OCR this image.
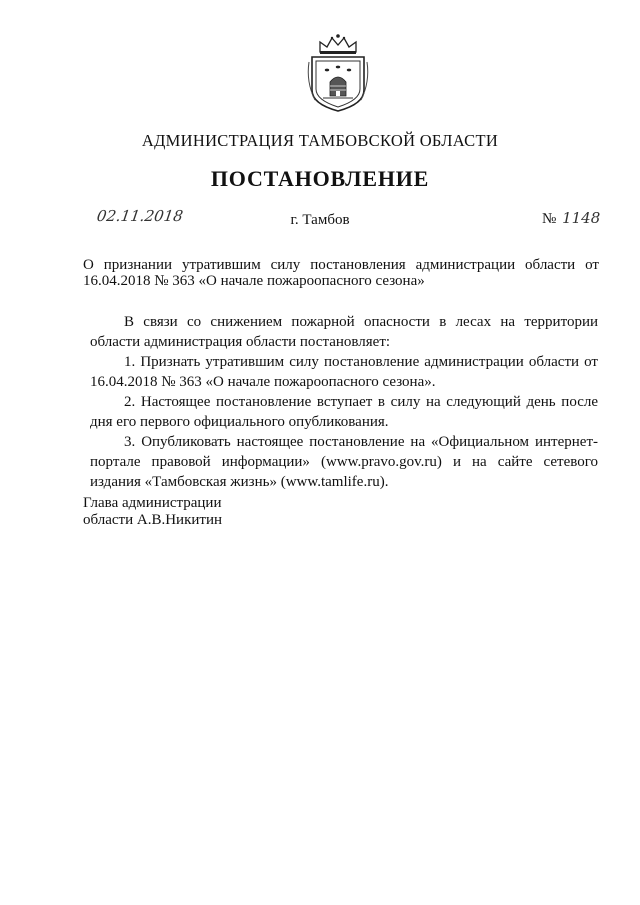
АДМИНИСТРАЦИЯ ТАМБОВСКОЙ ОБЛАСТИ
ПОСТАНОВЛЕНИЕ
02.11.2018	г. Тамбов	№ 1148
О признании утратившим силу постановления администрации области от 16.04.2018 № 363 «О начале пожароопасного сезона»

В связи со снижением пожарной опасности в лесах на территории области администрация области постановляет:

1. Признать утратившим силу постановление администрации области от 16.04.2018 № 363 «О начале пожароопасного сезона».

2. Настоящее постановление вступает в силу на следующий день после дня его первого официального опубликования.

3. Опубликовать настоящее постановление на «Официальном интернет-портале правовой информации» (www.pravo.gov.ru) и на сайте сетевого издания «Тамбовская жизнь» (www.tamlife.ru).

Глава администрации
области А.В.Никитин
